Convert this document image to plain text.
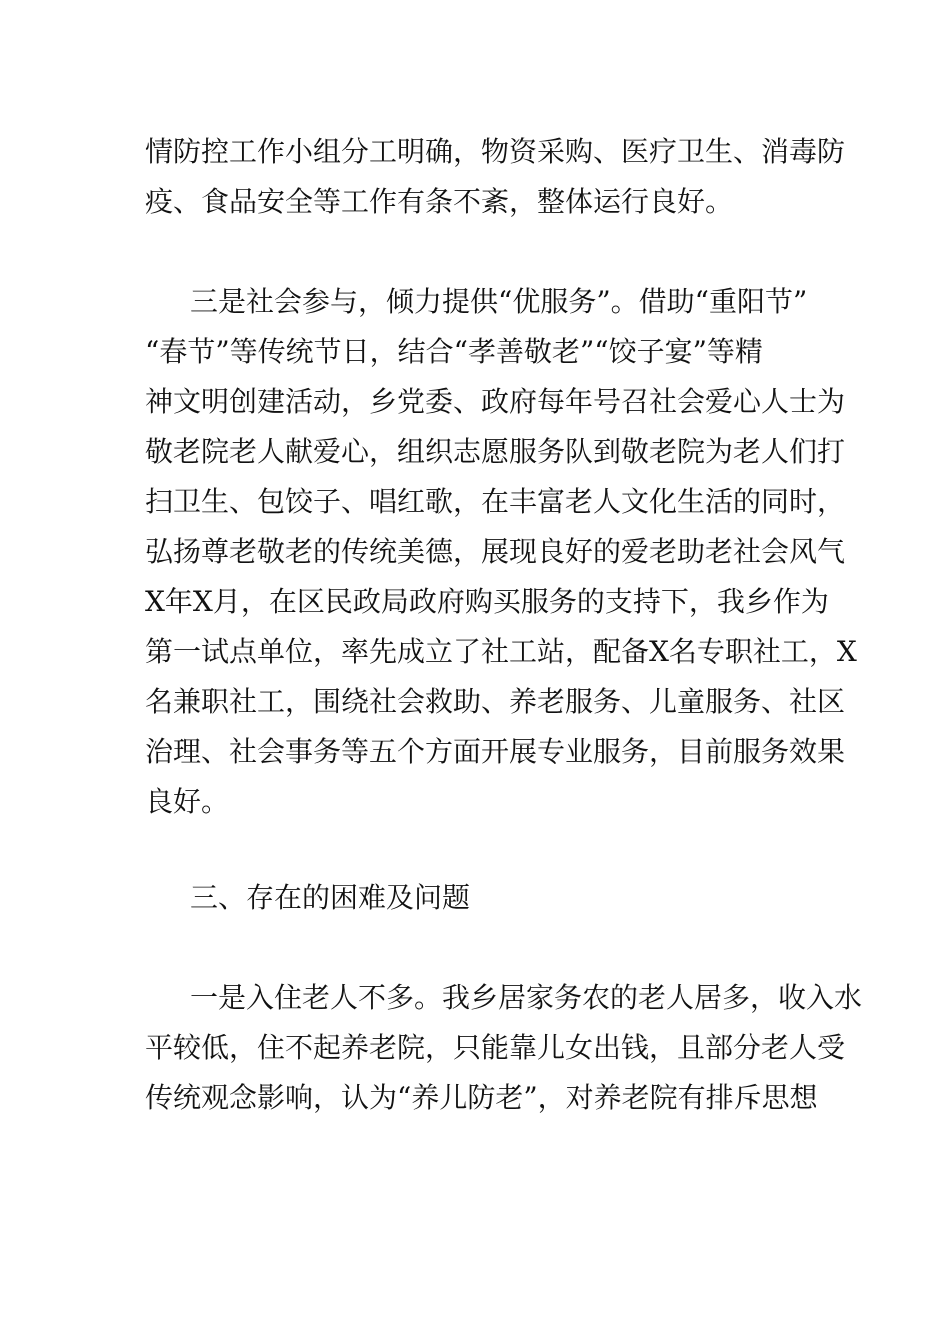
情防控工作小组分工明确，物资采购、医疗卫生、消毒防
疫、食品安全等工作有条不紊，整体运行良好。
三是社会参与，倾力提供“优服务”。借助“重阳节”
“春节”等传统节日，结合“孝善敬老”“饺子宴”等精
神文明创建活动，乡党委、政府每年号召社会爱心人士为
敬老院老人献爱心，组织志愿服务队到敬老院为老人们打
扫卫生、包饺子、唱红歌，在丰富老人文化生活的同时，
弘扬尊老敬老的传统美德，展现良好的爱老助老社会风气
X年X月，在区民政局政府购买服务的支持下，我乡作为
第一试点单位，率先成立了社工站，配备X名专职社工，X
名兼职社工，围绕社会救助、养老服务、儿童服务、社区
治理、社会事务等五个方面开展专业服务，目前服务效果
良好。
三、存在的困难及问题
一是入住老人不多。我乡居家务农的老人居多，收入水
平较低，住不起养老院，只能靠儿女出钱，且部分老人受
传统观念影响，认为“养儿防老”，对养老院有排斥思想
